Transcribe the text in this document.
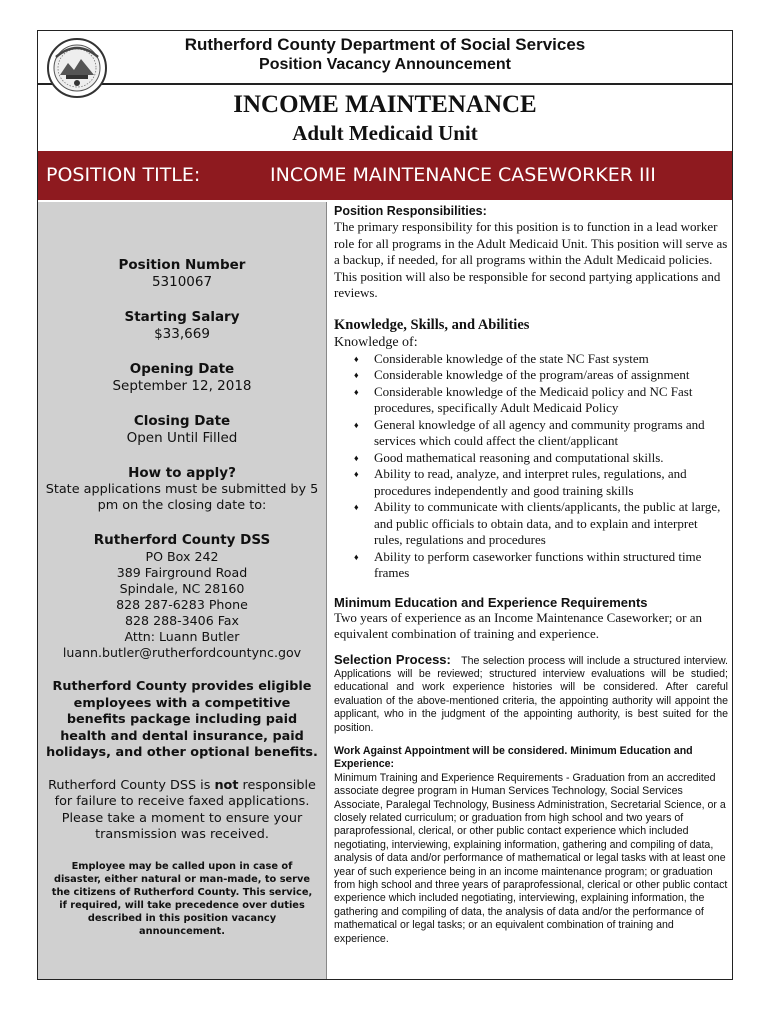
Rutherford County Department of Social Services
Position Vacancy Announcement
INCOME MAINTENANCE
Adult Medicaid Unit
POSITION TITLE:	INCOME MAINTENANCE CASEWORKER III
Position Number
5310067
Starting Salary
$33,669
Opening Date
September 12, 2018
Closing Date
Open Until Filled
How to apply?
State applications must be submitted by 5 pm on the closing date to:
Rutherford County DSS
PO Box 242
389 Fairground Road
Spindale, NC 28160
828 287-6283 Phone
828 288-3406 Fax
Attn: Luann Butler
luann.butler@rutherfordcountync.gov
Rutherford County provides eligible employees with a competitive benefits package including paid health and dental insurance, paid holidays, and other optional benefits.
Rutherford County DSS is not responsible for failure to receive faxed applications. Please take a moment to ensure your transmission was received.
Employee may be called upon in case of disaster, either natural or man-made, to serve the citizens of Rutherford County. This service, if required, will take precedence over duties described in this position vacancy announcement.
Position Responsibilities:
The primary responsibility for this position is to function in a lead worker role for all programs in the Adult Medicaid Unit. This position will serve as a backup, if needed, for all programs within the Adult Medicaid policies. This position will also be responsible for second partying applications and reviews.
Knowledge, Skills, and Abilities
Knowledge of:
♦ Considerable knowledge of the state NC Fast system
♦ Considerable knowledge of the program/areas of assignment
♦ Considerable knowledge of the Medicaid policy and NC Fast procedures, specifically Adult Medicaid Policy
♦ General knowledge of all agency and community programs and services which could affect the client/applicant
♦ Good mathematical reasoning and computational skills.
♦ Ability to read, analyze, and interpret rules, regulations, and procedures independently and good training skills
♦ Ability to communicate with clients/applicants, the public at large, and public officials to obtain data, and to explain and interpret rules, regulations and procedures
♦ Ability to perform caseworker functions within structured time frames
Minimum Education and Experience Requirements
Two years of experience as an Income Maintenance Caseworker; or an equivalent combination of training and experience.
Selection Process: The selection process will include a structured interview. Applications will be reviewed; structured interview evaluations will be studied; educational and work experience histories will be considered. After careful evaluation of the above-mentioned criteria, the appointing authority will appoint the applicant, who in the judgment of the appointing authority, is best suited for the position.
Work Against Appointment will be considered. Minimum Education and Experience:
Minimum Training and Experience Requirements - Graduation from an accredited associate degree program in Human Services Technology, Social Services Associate, Paralegal Technology, Business Administration, Secretarial Science, or a closely related curriculum; or graduation from high school and two years of paraprofessional, clerical, or other public contact experience which included negotiating, interviewing, explaining information, gathering and compiling of data, analysis of data and/or performance of mathematical or legal tasks with at least one year of such experience being in an income maintenance program; or graduation from high school and three years of paraprofessional, clerical or other public contact experience which included negotiating, interviewing, explaining information, the gathering and compiling of data, the analysis of data and/or the performance of mathematical or legal tasks; or an equivalent combination of training and experience.
